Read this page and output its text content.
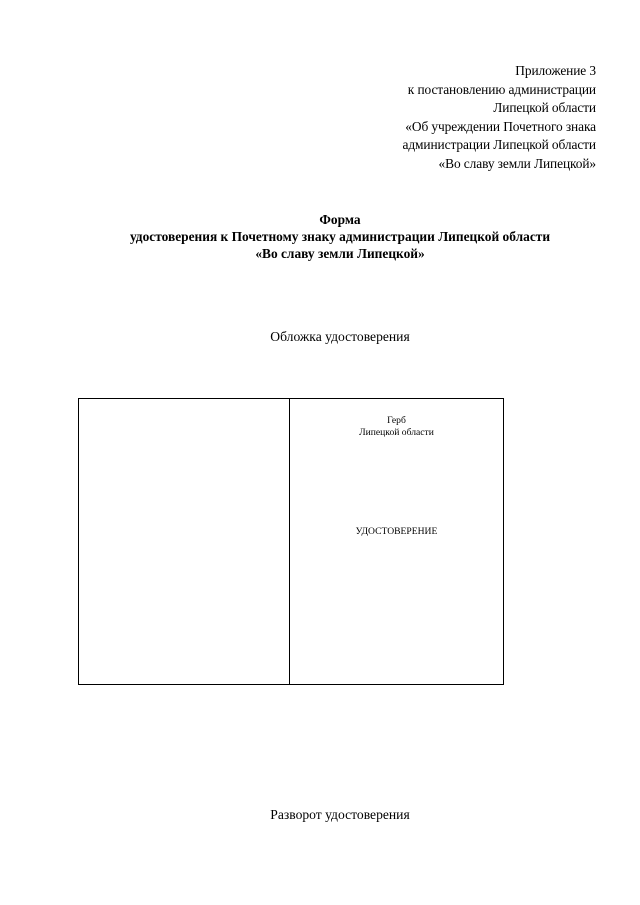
Приложение 3
к постановлению администрации
Липецкой области
«Об учреждении Почетного знака
администрации Липецкой области
«Во славу земли Липецкой»
Форма
удостоверения к Почетному знаку администрации Липецкой области
«Во славу земли Липецкой»
Обложка удостоверения
Герб
Липецкой области
УДОСТОВЕРЕНИЕ
Разворот удостоверения
